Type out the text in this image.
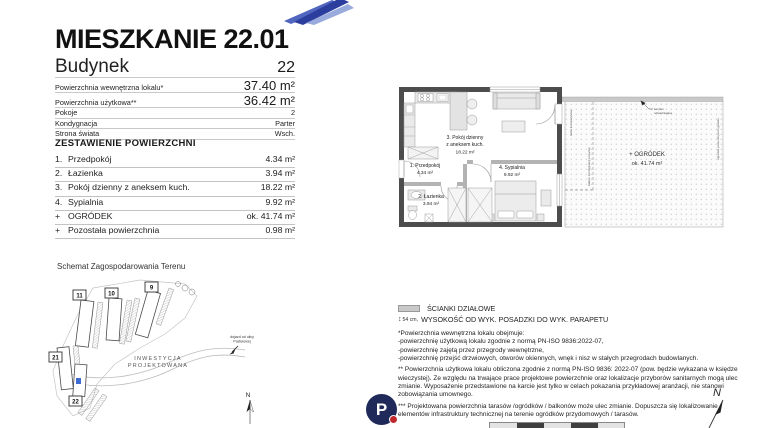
MIESZKANIE 22.01
Budynek	22
Powierzchnia wewnętrzna lokalu*	37.40 m²
Powierzchnia użytkowa**	36.42 m²
Pokoje	2
Kondygnacja	Parter
Strona świata	Wsch.
ZESTAWIENIE POWIERZCHNI
1. Przedpokój	4.34 m²
2. Łazienka	3.94 m²
3. Pokój dzienny z aneksem kuch.	18.22 m²
4. Sypialnia	9.92 m²
+ OGRÓDEK	ok. 41.74 m²
+ Pozostała powierzchnia	0.98 m²
Schemat Zagospodarowania Terenu
11	10
9
21
22
INWESTYCJA
PROJEKTOWANA
dojazd od ulicy
Pastelowej
N
+ OGRÓDEK
ok. 41.74 m²
korytko
odwadniające
taras kompozytowy
balkon kondygnacji powyżej
ogródek poza obrysem garażu
3. Pokój dzienny
z aneksem kuch.
18.22 m²
1. Przedpokój
4.34 m²
2. Łazienka
3.94 m²
4. Sypialnia
9.92 m²
ŚCIANKI DZIAŁOWE
↕ 54 cm, WYSOKOŚĆ OD WYK. POSADZKI DO WYK. PARAPETU
*Powierzchnia wewnętrzna lokalu obejmuje:
-powierzchnię użytkową lokalu zgodnie z normą PN-ISO 9836:2022-07,
-powierzchnię zajętą przez przegrody wewnętrzne,
-powierzchnię przejść drzwiowych, otworów okiennych, wnęk i nisz w stałych przegrodach budowlanych.
** Powierzchnia użytkowa lokalu obliczona zgodnie z normą PN-ISO 9836: 2022-07 (pow. będzie wykazana w księdze wieczystej). Ze względu na trwające prace projektowe powierzchnie oraz lokalizacje przyborów sanitarnych mogą ulec zmianie. Wyposażenie przedstawione na karcie jest tylko w celach pokazania przykładowej aranżacji, nie stanowi zobowiązania umownego.
*** Projektowana powierzchnia tarasów /ogródków / balkonów może ulec zmianie. Dopuszcza się lokalizowanie elementów infrastruktury technicznej na terenie ogródków przydomowych / tarasów.
P
N
